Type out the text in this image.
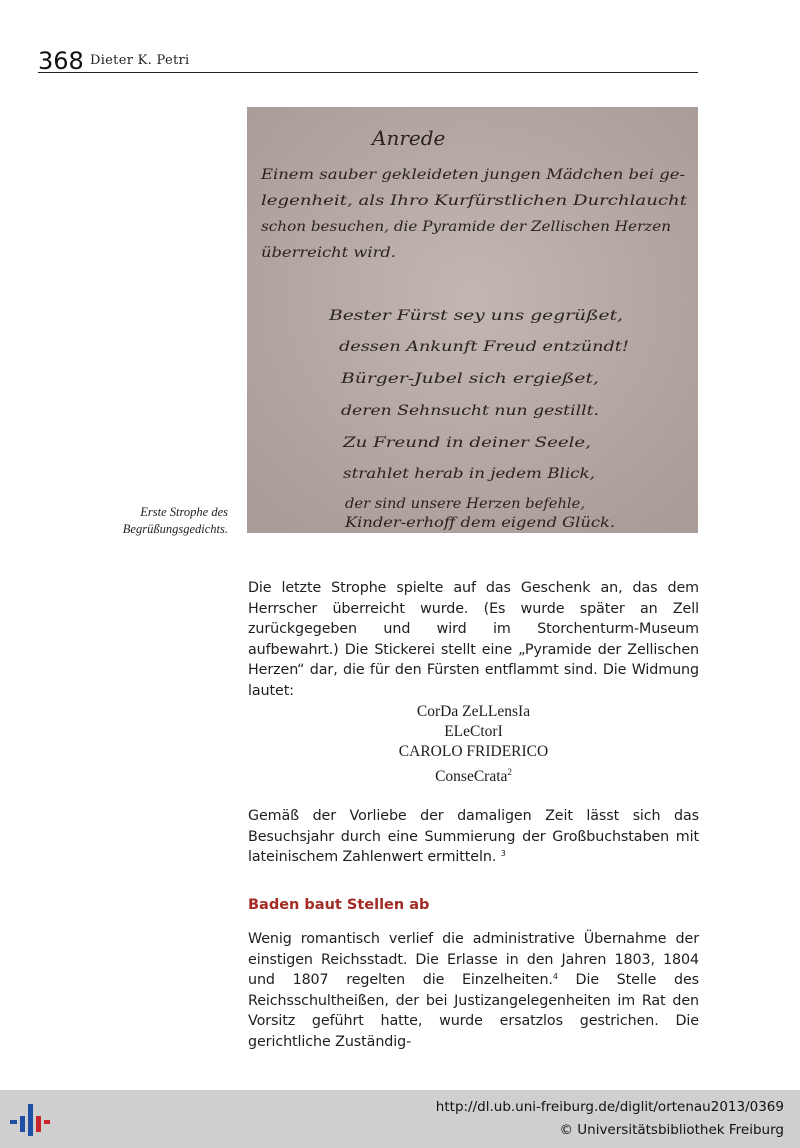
368 Dieter K. Petri
Anrede
Einem sauber gekleideten jungen Mädchen bei ge-
legenheit, als Ihro Kurfürstlichen Durchlaucht
schon besuchen, die Pyramide der Zellischen Herzen
überreicht wird.
Bester Fürst sey uns gegrüßet,
dessen Ankunft Freud entzündt!
Bürger-Jubel sich ergießet,
deren Sehnsucht nun gestillt.
Zu Freund in deiner Seele,
strahlet herab in jedem Blick,
der sind unsere Herzen befehle,
Kinder-erhoff dem eigend Glück.
Erste Strophe des
Begrüßungsgedichts.
Die letzte Strophe spielte auf das Geschenk an, das dem Herrscher überreicht wurde. (Es wurde später an Zell zurückgegeben und wird im Storchenturm-Museum aufbewahrt.) Die Stickerei stellt eine „Pyramide der Zellischen Herzen“ dar, die für den Fürsten entflammt sind. Die Widmung lautet:
CorDa ZeLLensIa
ELeCtorI
CAROLO FRIDERICO
ConseCrata$^2$
Gemäß der Vorliebe der damaligen Zeit lässt sich das Besuchsjahr durch eine Summierung der Großbuchstaben mit lateinischem Zahlenwert ermitteln. $^3$
Baden baut Stellen ab
Wenig romantisch verlief die administrative Übernahme der einstigen Reichsstadt. Die Erlasse in den Jahren 1803, 1804 und 1807 regelten die Einzelheiten.$^4$ Die Stelle des Reichsschultheißen, der bei Justizangelegenheiten im Rat den Vorsitz geführt hatte, wurde ersatzlos gestrichen. Die gerichtliche Zuständig-
http://dl.ub.uni-freiburg.de/diglit/ortenau2013/0369
© Universitätsbibliothek Freiburg
